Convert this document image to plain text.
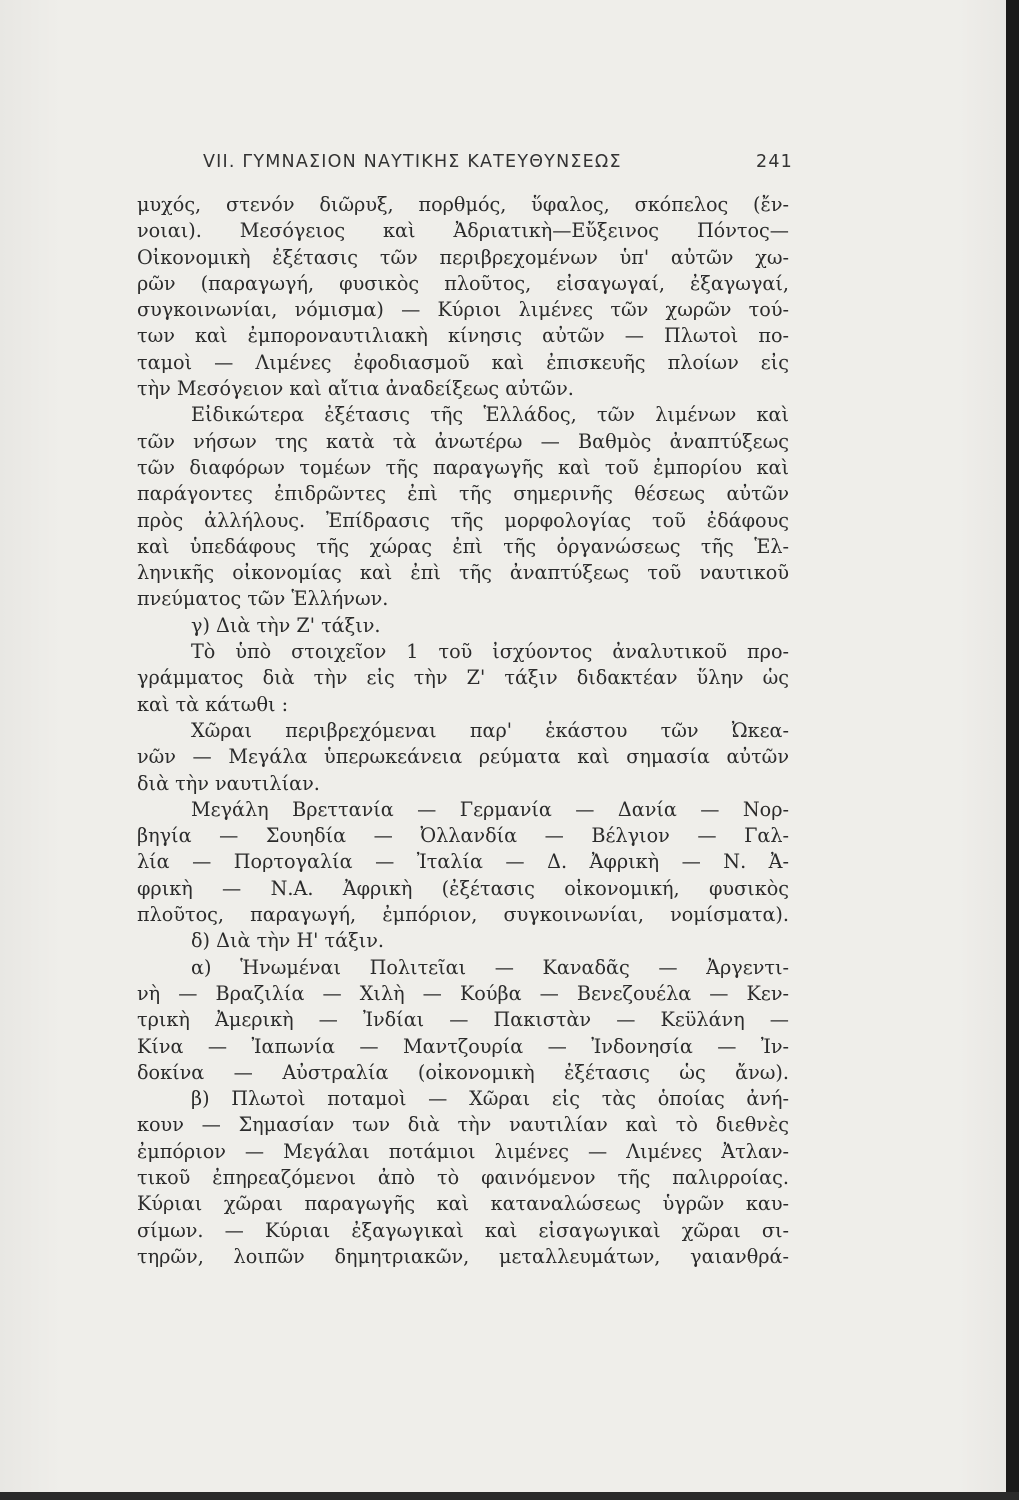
VII. ΓΥΜΝΑΣΙΟΝ ΝΑΥΤΙΚΗΣ ΚΑΤΕΥΘΥΝΣΕΩΣ	241
μυχός, στενόν διῶρυξ, πορθμός, ὕφαλος, σκόπελος (ἔν-
νοιαι). Μεσόγειος καὶ Ἀδριατικὴ—Εὔξεινος Πόντος—
Οἰκονομικὴ ἐξέτασις τῶν περιβρεχομένων ὑπ' αὐτῶν χω-
ρῶν (παραγωγή, φυσικὸς πλοῦτος, εἰσαγωγαί, ἐξαγωγαί,
συγκοινωνίαι, νόμισμα) — Κύριοι λιμένες τῶν χωρῶν τού-
των καὶ ἐμποροναυτιλιακὴ κίνησις αὐτῶν — Πλωτοὶ πο-
ταμοὶ — Λιμένες ἐφοδιασμοῦ καὶ ἐπισκευῆς πλοίων εἰς
τὴν Μεσόγειον καὶ αἴτια ἀναδείξεως αὐτῶν.
Εἰδικώτερα ἐξέτασις τῆς Ἑλλάδος, τῶν λιμένων καὶ
τῶν νήσων της κατὰ τὰ ἀνωτέρω — Βαθμὸς ἀναπτύξεως
τῶν διαφόρων τομέων τῆς παραγωγῆς καὶ τοῦ ἐμπορίου καὶ
παράγοντες ἐπιδρῶντες ἐπὶ τῆς σημερινῆς θέσεως αὐτῶν
πρὸς ἀλλήλους. Ἐπίδρασις τῆς μορφολογίας τοῦ ἐδάφους
καὶ ὑπεδάφους τῆς χώρας ἐπὶ τῆς ὀργανώσεως τῆς Ἑλ-
ληνικῆς οἰκονομίας καὶ ἐπὶ τῆς ἀναπτύξεως τοῦ ναυτικοῦ
πνεύματος τῶν Ἑλλήνων.
γ) Διὰ τὴν Ζ' τάξιν.
Τὸ ὑπὸ στοιχεῖον 1 τοῦ ἰσχύοντος ἀναλυτικοῦ προ-
γράμματος διὰ τὴν εἰς τὴν Ζ' τάξιν διδακτέαν ὕλην ὡς
καὶ τὰ κάτωθι :
Χῶραι περιβρεχόμεναι παρ' ἑκάστου τῶν Ὠκεα-
νῶν — Μεγάλα ὑπερωκεάνεια ρεύματα καὶ σημασία αὐτῶν
διὰ τὴν ναυτιλίαν.
Μεγάλη Βρεττανία — Γερμανία — Δανία — Νορ-
βηγία — Σουηδία — Ὀλλανδία — Βέλγιον — Γαλ-
λία — Πορτογαλία — Ἰταλία — Δ. Ἀφρικὴ — Ν. Ἀ-
φρικὴ — Ν.Α. Ἀφρικὴ (ἐξέτασις οἰκονομική, φυσικὸς
πλοῦτος, παραγωγή, ἐμπόριον, συγκοινωνίαι, νομίσματα).
δ) Διὰ τὴν Η' τάξιν.
α) Ἡνωμέναι Πολιτεῖαι — Καναδᾶς — Ἀργεντι-
νὴ — Βραζιλία — Χιλὴ — Κούβα — Βενεζουέλα — Κεν-
τρικὴ Ἀμερικὴ — Ἰνδίαι — Πακιστὰν — Κεϋλάνη —
Κίνα — Ἰαπωνία — Μαντζουρία — Ἰνδονησία — Ἰν-
δοκίνα — Αὐστραλία (οἰκονομικὴ ἐξέτασις ὡς ἄνω).
β) Πλωτοὶ ποταμοὶ — Χῶραι εἰς τὰς ὁποίας ἀνή-
κουν — Σημασίαν των διὰ τὴν ναυτιλίαν καὶ τὸ διεθνὲς
ἐμπόριον — Μεγάλαι ποτάμιοι λιμένες — Λιμένες Ἀτλαν-
τικοῦ ἐπηρεαζόμενοι ἀπὸ τὸ φαινόμενον τῆς παλιρροίας.
Κύριαι χῶραι παραγωγῆς καὶ καταναλώσεως ὑγρῶν καυ-
σίμων. — Κύριαι ἐξαγωγικαὶ καὶ εἰσαγωγικαὶ χῶραι σι-
τηρῶν, λοιπῶν δημητριακῶν, μεταλλευμάτων, γαιανθρά-
